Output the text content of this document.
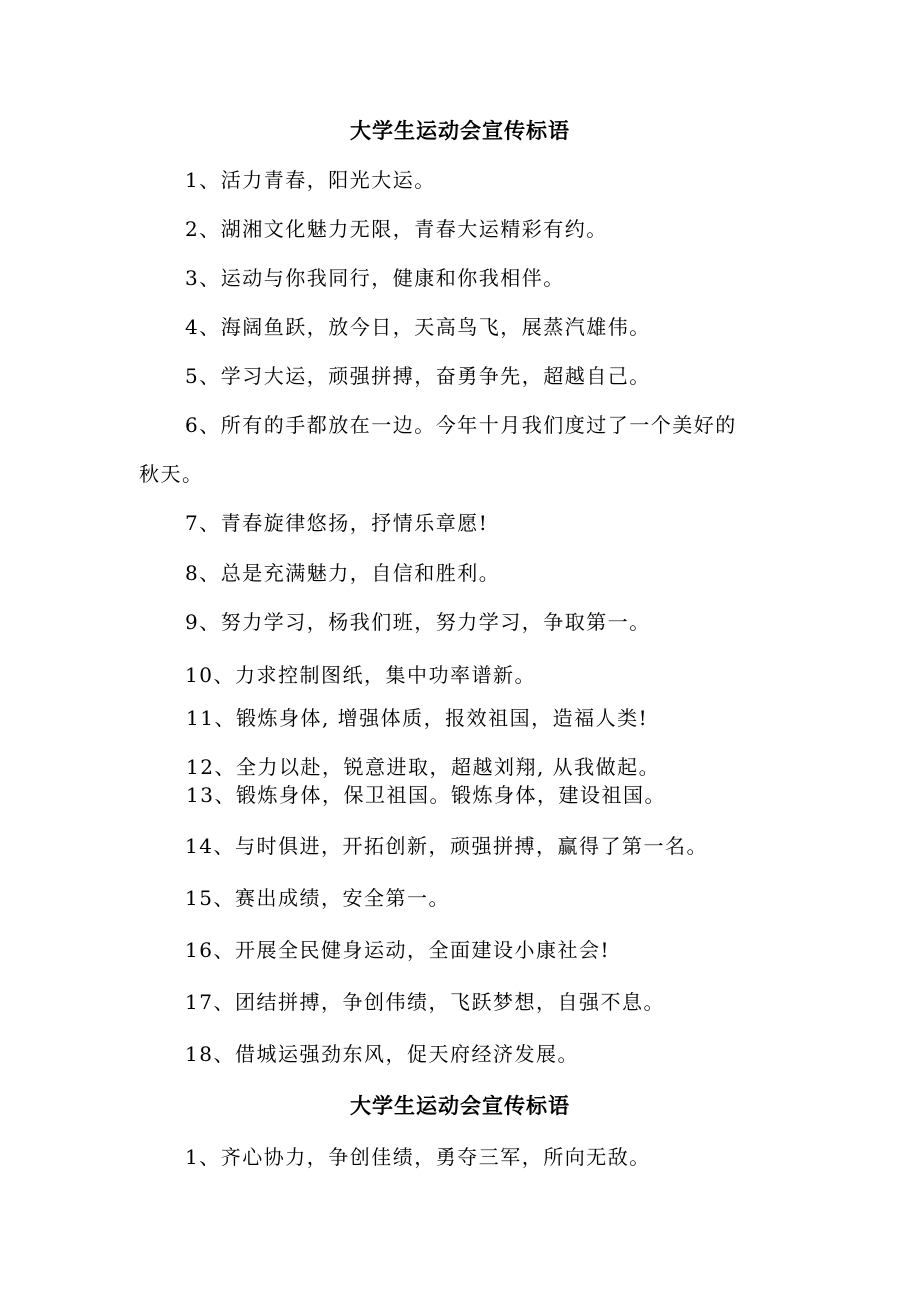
大学生运动会宣传标语
1、活力青春，阳光大运。
2、湖湘文化魅力无限，青春大运精彩有约。
3、运动与你我同行，健康和你我相伴。
4、海阔鱼跃，放今日，天高鸟飞，展蒸汽雄伟。
5、学习大运，顽强拼搏，奋勇争先，超越自己。
6、所有的手都放在一边。今年十月我们度过了一个美好的
秋天。
7、青春旋律悠扬，抒情乐章愿!
8、总是充满魅力，自信和胜利。
9、努力学习，杨我们班，努力学习，争取第一。
10、力求控制图纸，集中功率谱新。
11、锻炼身体, 增强体质，报效祖国，造福人类!
12、全力以赴，锐意进取，超越刘翔, 从我做起。
13、锻炼身体，保卫祖国。锻炼身体，建设祖国。
14、与时俱进，开拓创新，顽强拼搏，赢得了第一名。
15、赛出成绩，安全第一。
16、开展全民健身运动，全面建设小康社会!
17、团结拼搏，争创伟绩，飞跃梦想，自强不息。
18、借城运强劲东风，促天府经济发展。
大学生运动会宣传标语
1、齐心协力，争创佳绩，勇夺三军，所向无敌。
